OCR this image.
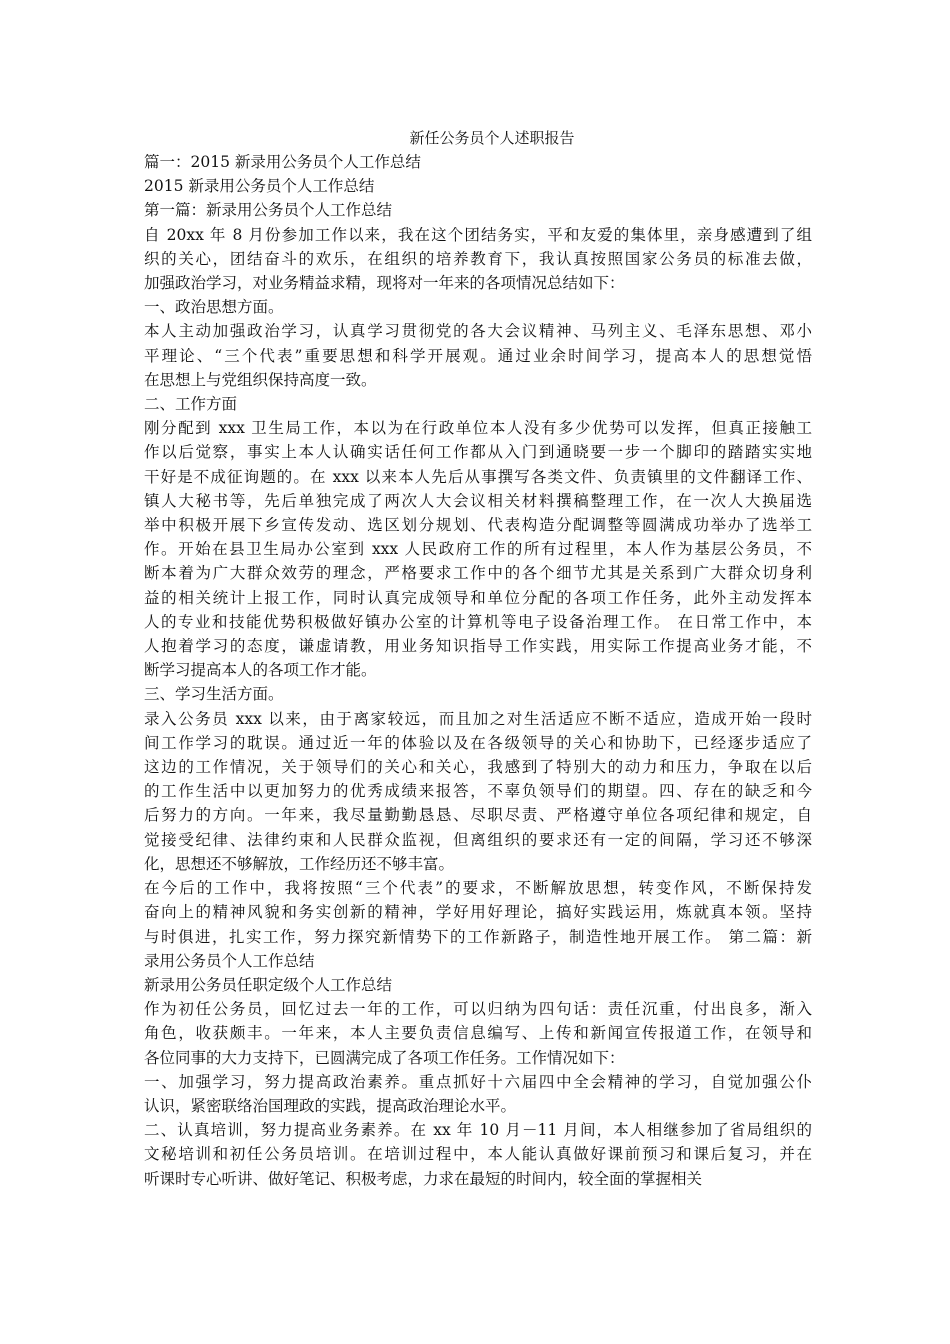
新任公务员个人述职报告

篇一：2015 新录用公务员个人工作总结

2015 新录用公务员个人工作总结

第一篇：新录用公务员个人工作总结

自 20xx 年 8 月份参加工作以来，我在这个团结务实，平和友爱的集体里，亲身感遭到了组

织的关心，团结奋斗的欢乐，在组织的培养教育下，我认真按照国家公务员的标准去做，

加强政治学习，对业务精益求精，现将对一年来的各项情况总结如下：

一、政治思想方面。

本人主动加强政治学习，认真学习贯彻党的各大会议精神、马列主义、毛泽东思想、邓小

平理论、“三个代表”重要思想和科学开展观。通过业余时间学习，提高本人的思想觉悟

在思想上与党组织保持高度一致。

二、工作方面

刚分配到 xxx 卫生局工作，本以为在行政单位本人没有多少优势可以发挥，但真正接触工

作以后觉察，事实上本人认确实话任何工作都从入门到通晓要一步一个脚印的踏踏实实地

干好是不成征询题的。在 xxx 以来本人先后从事撰写各类文件、负责镇里的文件翻译工作、

镇人大秘书等，先后单独完成了两次人大会议相关材料撰稿整理工作，在一次人大换届选

举中积极开展下乡宣传发动、选区划分规划、代表构造分配调整等圆满成功举办了选举工

作。开始在县卫生局办公室到 xxx 人民政府工作的所有过程里，本人作为基层公务员，不

断本着为广大群众效劳的理念，严格要求工作中的各个细节尤其是关系到广大群众切身利

益的相关统计上报工作，同时认真完成领导和单位分配的各项工作任务，此外主动发挥本

人的专业和技能优势积极做好镇办公室的计算机等电子设备治理工作。 在日常工作中，本

人抱着学习的态度，谦虚请教，用业务知识指导工作实践，用实际工作提高业务才能，不

断学习提高本人的各项工作才能。

三、学习生活方面。

录入公务员 xxx 以来，由于离家较远，而且加之对生活适应不断不适应，造成开始一段时

间工作学习的耽误。通过近一年的体验以及在各级领导的关心和协助下，已经逐步适应了

这边的工作情况，关于领导们的关心和关心，我感到了特别大的动力和压力，争取在以后

的工作生活中以更加努力的优秀成绩来报答，不辜负领导们的期望。四、存在的缺乏和今

后努力的方向。一年来，我尽量勤勤恳恳、尽职尽责、严格遵守单位各项纪律和规定，自

觉接受纪律、法律约束和人民群众监视，但离组织的要求还有一定的间隔，学习还不够深

化，思想还不够解放，工作经历还不够丰富。

在今后的工作中，我将按照“三个代表”的要求，不断解放思想，转变作风，不断保持发

奋向上的精神风貌和务实创新的精神，学好用好理论，搞好实践运用，炼就真本领。坚持

与时俱进，扎实工作，努力探究新情势下的工作新路子，制造性地开展工作。 第二篇：新

录用公务员个人工作总结

新录用公务员任职定级个人工作总结

作为初任公务员，回忆过去一年的工作，可以归纳为四句话：责任沉重，付出良多，渐入

角色，收获颇丰。一年来，本人主要负责信息编写、上传和新闻宣传报道工作，在领导和

各位同事的大力支持下，已圆满完成了各项工作任务。工作情况如下：

一、加强学习，努力提高政治素养。重点抓好十六届四中全会精神的学习，自觉加强公仆

认识，紧密联络治国理政的实践，提高政治理论水平。

二、认真培训，努力提高业务素养。在 xx 年 10 月－11 月间，本人相继参加了省局组织的

文秘培训和初任公务员培训。在培训过程中，本人能认真做好课前预习和课后复习，并在

听课时专心听讲、做好笔记、积极考虑，力求在最短的时间内，较全面的掌握相关
